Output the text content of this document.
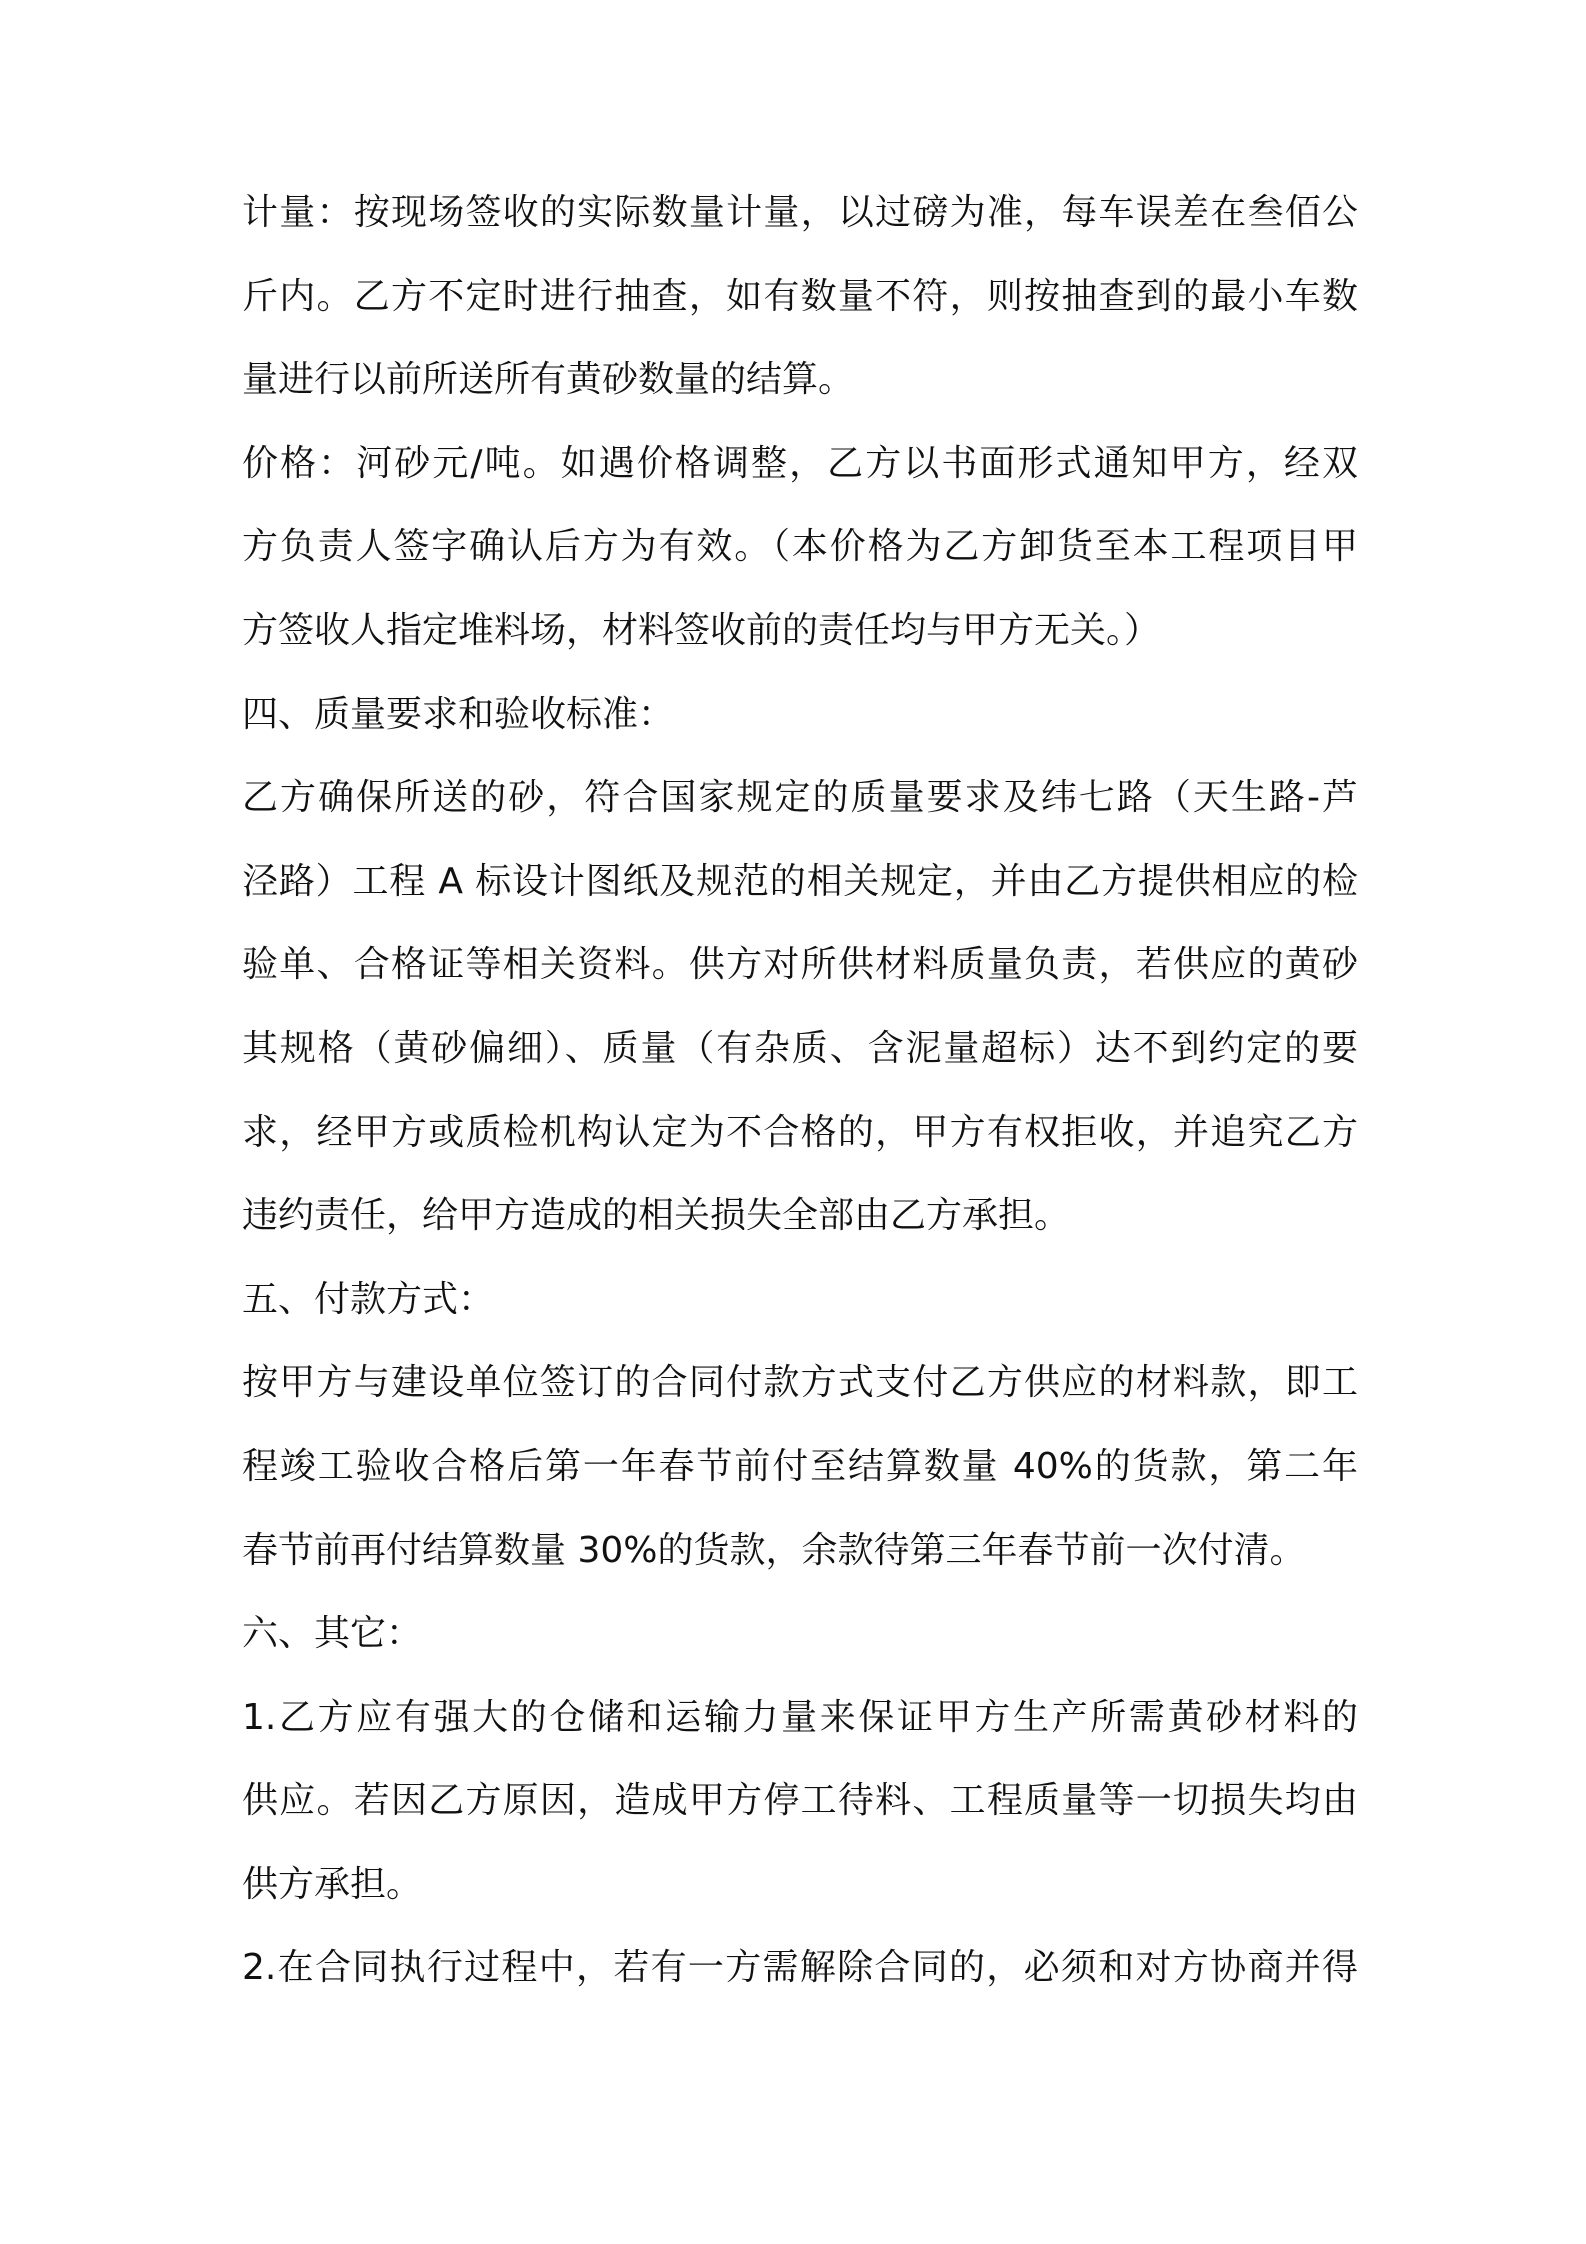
计量：按现场签收的实际数量计量，以过磅为准，每车误差在叁佰公
斤内。乙方不定时进行抽查，如有数量不符，则按抽查到的最小车数
量进行以前所送所有黄砂数量的结算。
价格：河砂元/吨。如遇价格调整，乙方以书面形式通知甲方，经双
方负责人签字确认后方为有效。（本价格为乙方卸货至本工程项目甲
方签收人指定堆料场，材料签收前的责任均与甲方无关。）
四、质量要求和验收标准：
乙方确保所送的砂，符合国家规定的质量要求及纬七路（天生路-芦
泾路）工程 A 标设计图纸及规范的相关规定，并由乙方提供相应的检
验单、合格证等相关资料。供方对所供材料质量负责，若供应的黄砂
其规格（黄砂偏细）、质量（有杂质、含泥量超标）达不到约定的要
求，经甲方或质检机构认定为不合格的，甲方有权拒收，并追究乙方
违约责任，给甲方造成的相关损失全部由乙方承担。
五、付款方式：
按甲方与建设单位签订的合同付款方式支付乙方供应的材料款，即工
程竣工验收合格后第一年春节前付至结算数量 40%的货款，第二年
春节前再付结算数量 30%的货款，余款待第三年春节前一次付清。
六、其它：
1.乙方应有强大的仓储和运输力量来保证甲方生产所需黄砂材料的
供应。若因乙方原因，造成甲方停工待料、工程质量等一切损失均由
供方承担。
2.在合同执行过程中，若有一方需解除合同的，必须和对方协商并得
